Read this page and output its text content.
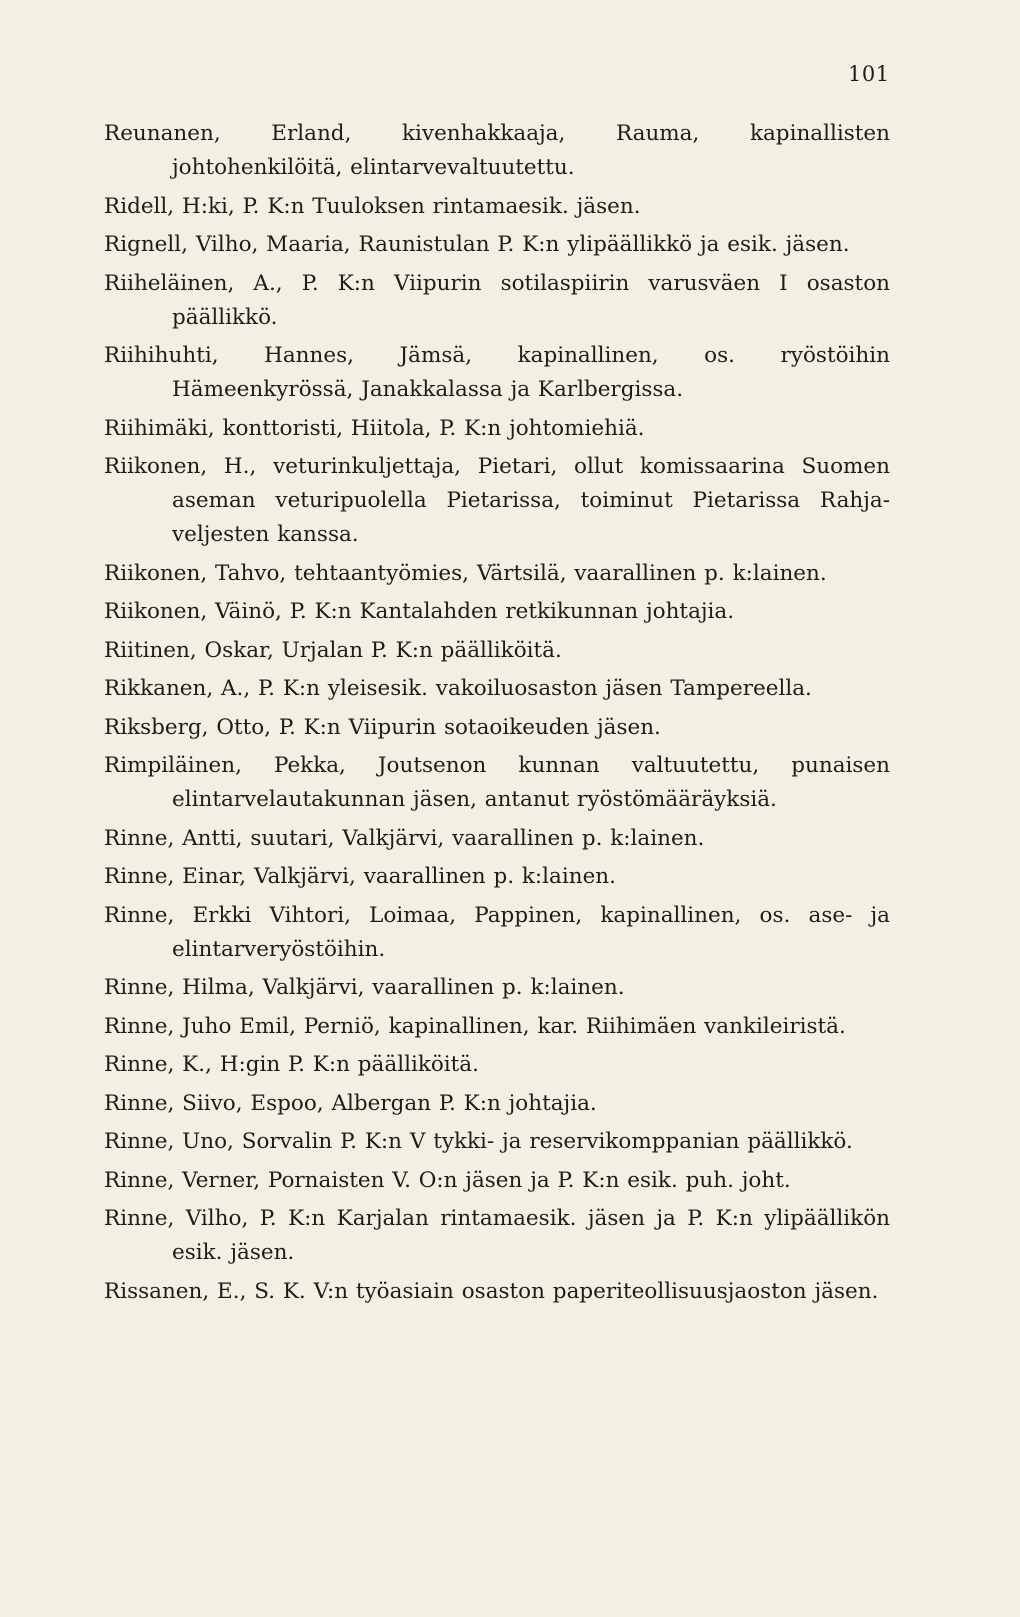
101
Reunanen, Erland, kivenhakkaaja, Rauma, kapinallisten johtohenkilöitä, elintarvevaltuutettu.
Ridell, H:ki, P. K:n Tuuloksen rintamaesik. jäsen.
Rignell, Vilho, Maaria, Raunistulan P. K:n ylipäällikkö ja esik. jäsen.
Riiheläinen, A., P. K:n Viipurin sotilaspiirin varusväen I osaston päällikkö.
Riihihuhti, Hannes, Jämsä, kapinallinen, os. ryöstöihin Hämeenkyrössä, Janakkalassa ja Karlbergissa.
Riihimäki, konttoristi, Hiitola, P. K:n johtomiehiä.
Riikonen, H., veturinkuljettaja, Pietari, ollut komissaarina Suomen aseman veturipuolella Pietarissa, toiminut Pietarissa Rahja-veljesten kanssa.
Riikonen, Tahvo, tehtaantyömies, Värtsilä, vaarallinen p. k:lainen.
Riikonen, Väinö, P. K:n Kantalahden retkikunnan johtajia.
Riitinen, Oskar, Urjalan P. K:n päälliköitä.
Rikkanen, A., P. K:n yleisesik. vakoiluosaston jäsen Tampereella.
Riksberg, Otto, P. K:n Viipurin sotaoikeuden jäsen.
Rimpiläinen, Pekka, Joutsenon kunnan valtuutettu, punaisen elintarvelautakunnan jäsen, antanut ryöstömääräyksiä.
Rinne, Antti, suutari, Valkjärvi, vaarallinen p. k:lainen.
Rinne, Einar, Valkjärvi, vaarallinen p. k:lainen.
Rinne, Erkki Vihtori, Loimaa, Pappinen, kapinallinen, os. ase- ja elintarveryöstöihin.
Rinne, Hilma, Valkjärvi, vaarallinen p. k:lainen.
Rinne, Juho Emil, Perniö, kapinallinen, kar. Riihimäen vankileiristä.
Rinne, K., H:gin P. K:n päälliköitä.
Rinne, Siivo, Espoo, Albergan P. K:n johtajia.
Rinne, Uno, Sorvalin P. K:n V tykki- ja reservikomppanian päällikkö.
Rinne, Verner, Pornaisten V. O:n jäsen ja P. K:n esik. puh. joht.
Rinne, Vilho, P. K:n Karjalan rintamaesik. jäsen ja P. K:n ylipäällikön esik. jäsen.
Rissanen, E., S. K. V:n työasiain osaston paperiteollisuusjaoston jäsen.
